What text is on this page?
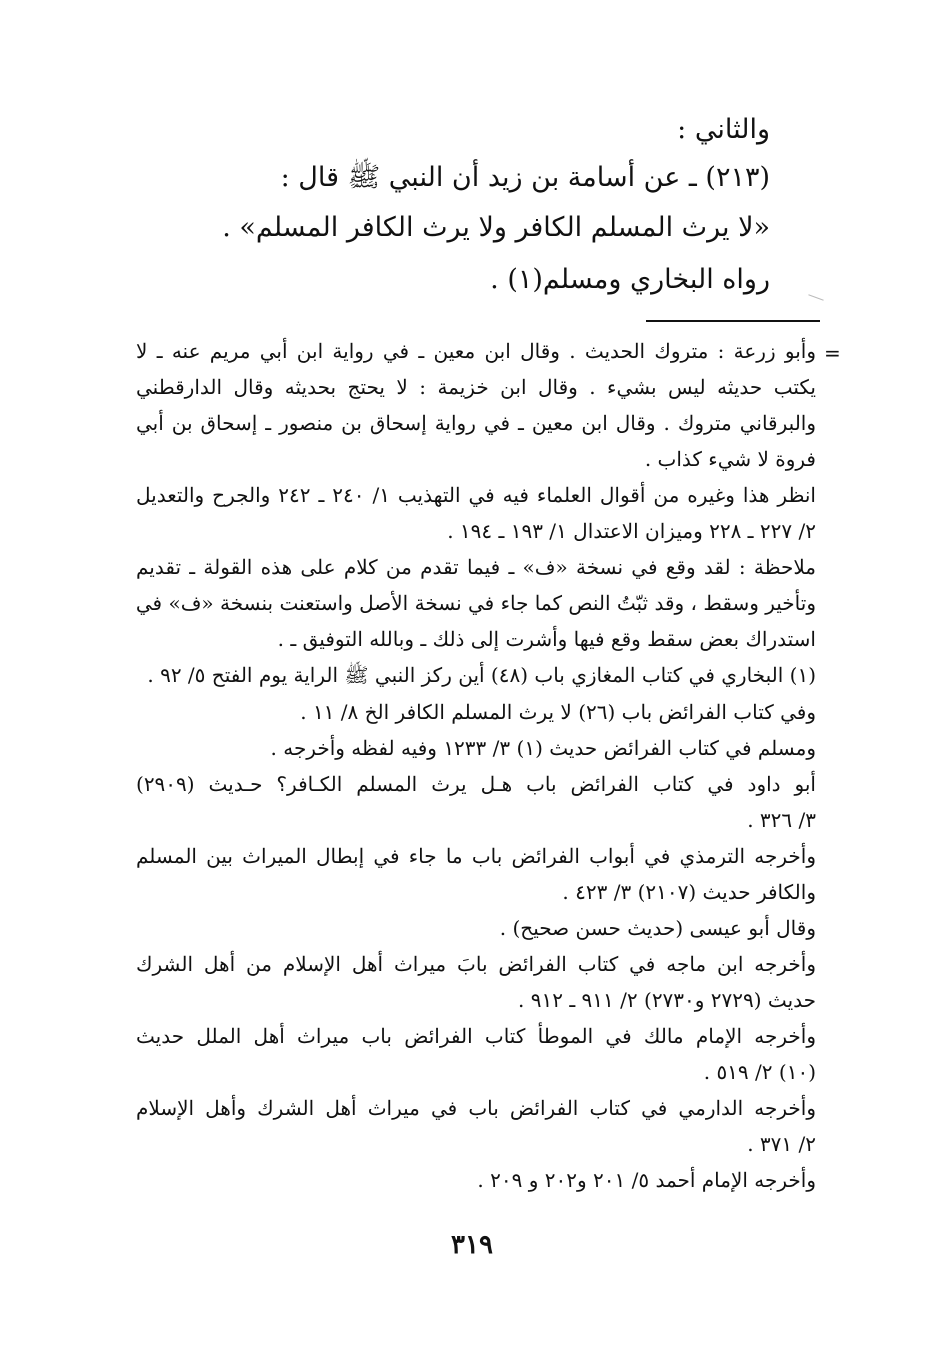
والثاني :
(٢١٣) ـ عن أسامة بن زيد أن النبي ﷺ قال :
«لا يرث المسلم الكافر ولا يرث الكافر المسلم» .
رواه البخاري ومسلم(١) .
=
وأبو زرعة : متروك الحديث . وقال ابن معين ـ في رواية ابن أبي مريم عنه ـ لا
يكتب حديثه ليس بشيء . وقال ابن خزيمة : لا يحتج بحديثه وقال الدارقطني
والبرقاني متروك . وقال ابن معين ـ في رواية إسحاق بن منصور ـ إسحاق بن أبي
فروة لا شيء كذاب .
انظر هذا وغيره من أقوال العلماء فيه في التهذيب ١/ ٢٤٠ ـ ٢٤٢ والجرح والتعديل
٢/ ٢٢٧ ـ ٢٢٨ وميزان الاعتدال ١/ ١٩٣ ـ ١٩٤ .
ملاحظة : لقد وقع في نسخة «ف» ـ فيما تقدم من كلام على هذه القولة ـ تقديم
وتأخير وسقط ، وقد ثبّتُ النص كما جاء في نسخة الأصل واستعنت بنسخة «ف» في
استدراك بعض سقط وقع فيها وأشرت إلى ذلك ـ وبالله التوفيق ـ .
(١) البخاري في كتاب المغازي باب (٤٨) أين ركز النبي ﷺ الراية يوم الفتح ٥/ ٩٢ .
وفي كتاب الفرائض باب (٢٦) لا يرث المسلم الكافر الخ ٨/ ١١ .
ومسلم في كتاب الفرائض حديث (١) ٣/ ١٢٣٣ وفيه لفظه وأخرجه .
أبو داود في كتاب الفرائض باب هـل يرث المسلم الكـافر؟ حـديث (٢٩٠٩)
٣/ ٣٢٦ .
وأخرجه الترمذي في أبواب الفرائض باب ما جاء في إبطال الميراث بين المسلم
والكافر حديث (٢١٠٧) ٣/ ٤٢٣ .
وقال أبو عيسى (حديث حسن صحيح) .
وأخرجه ابن ماجه في كتاب الفرائض بابَ ميراث أهل الإسلام من أهل الشرك
حديث (٢٧٢٩ و٢٧٣٠) ٢/ ٩١١ ـ ٩١٢ .
وأخرجه الإمام مالك في الموطأ كتاب الفرائض باب ميراث أهل الملل حديث
(١٠) ٢/ ٥١٩ .
وأخرجه الدارمي في كتاب الفرائض باب في ميراث أهل الشرك وأهل الإسلام
٢/ ٣٧١ .
وأخرجه الإمام أحمد ٥/ ٢٠١ و٢٠٢ و ٢٠٩ .
٣١٩
